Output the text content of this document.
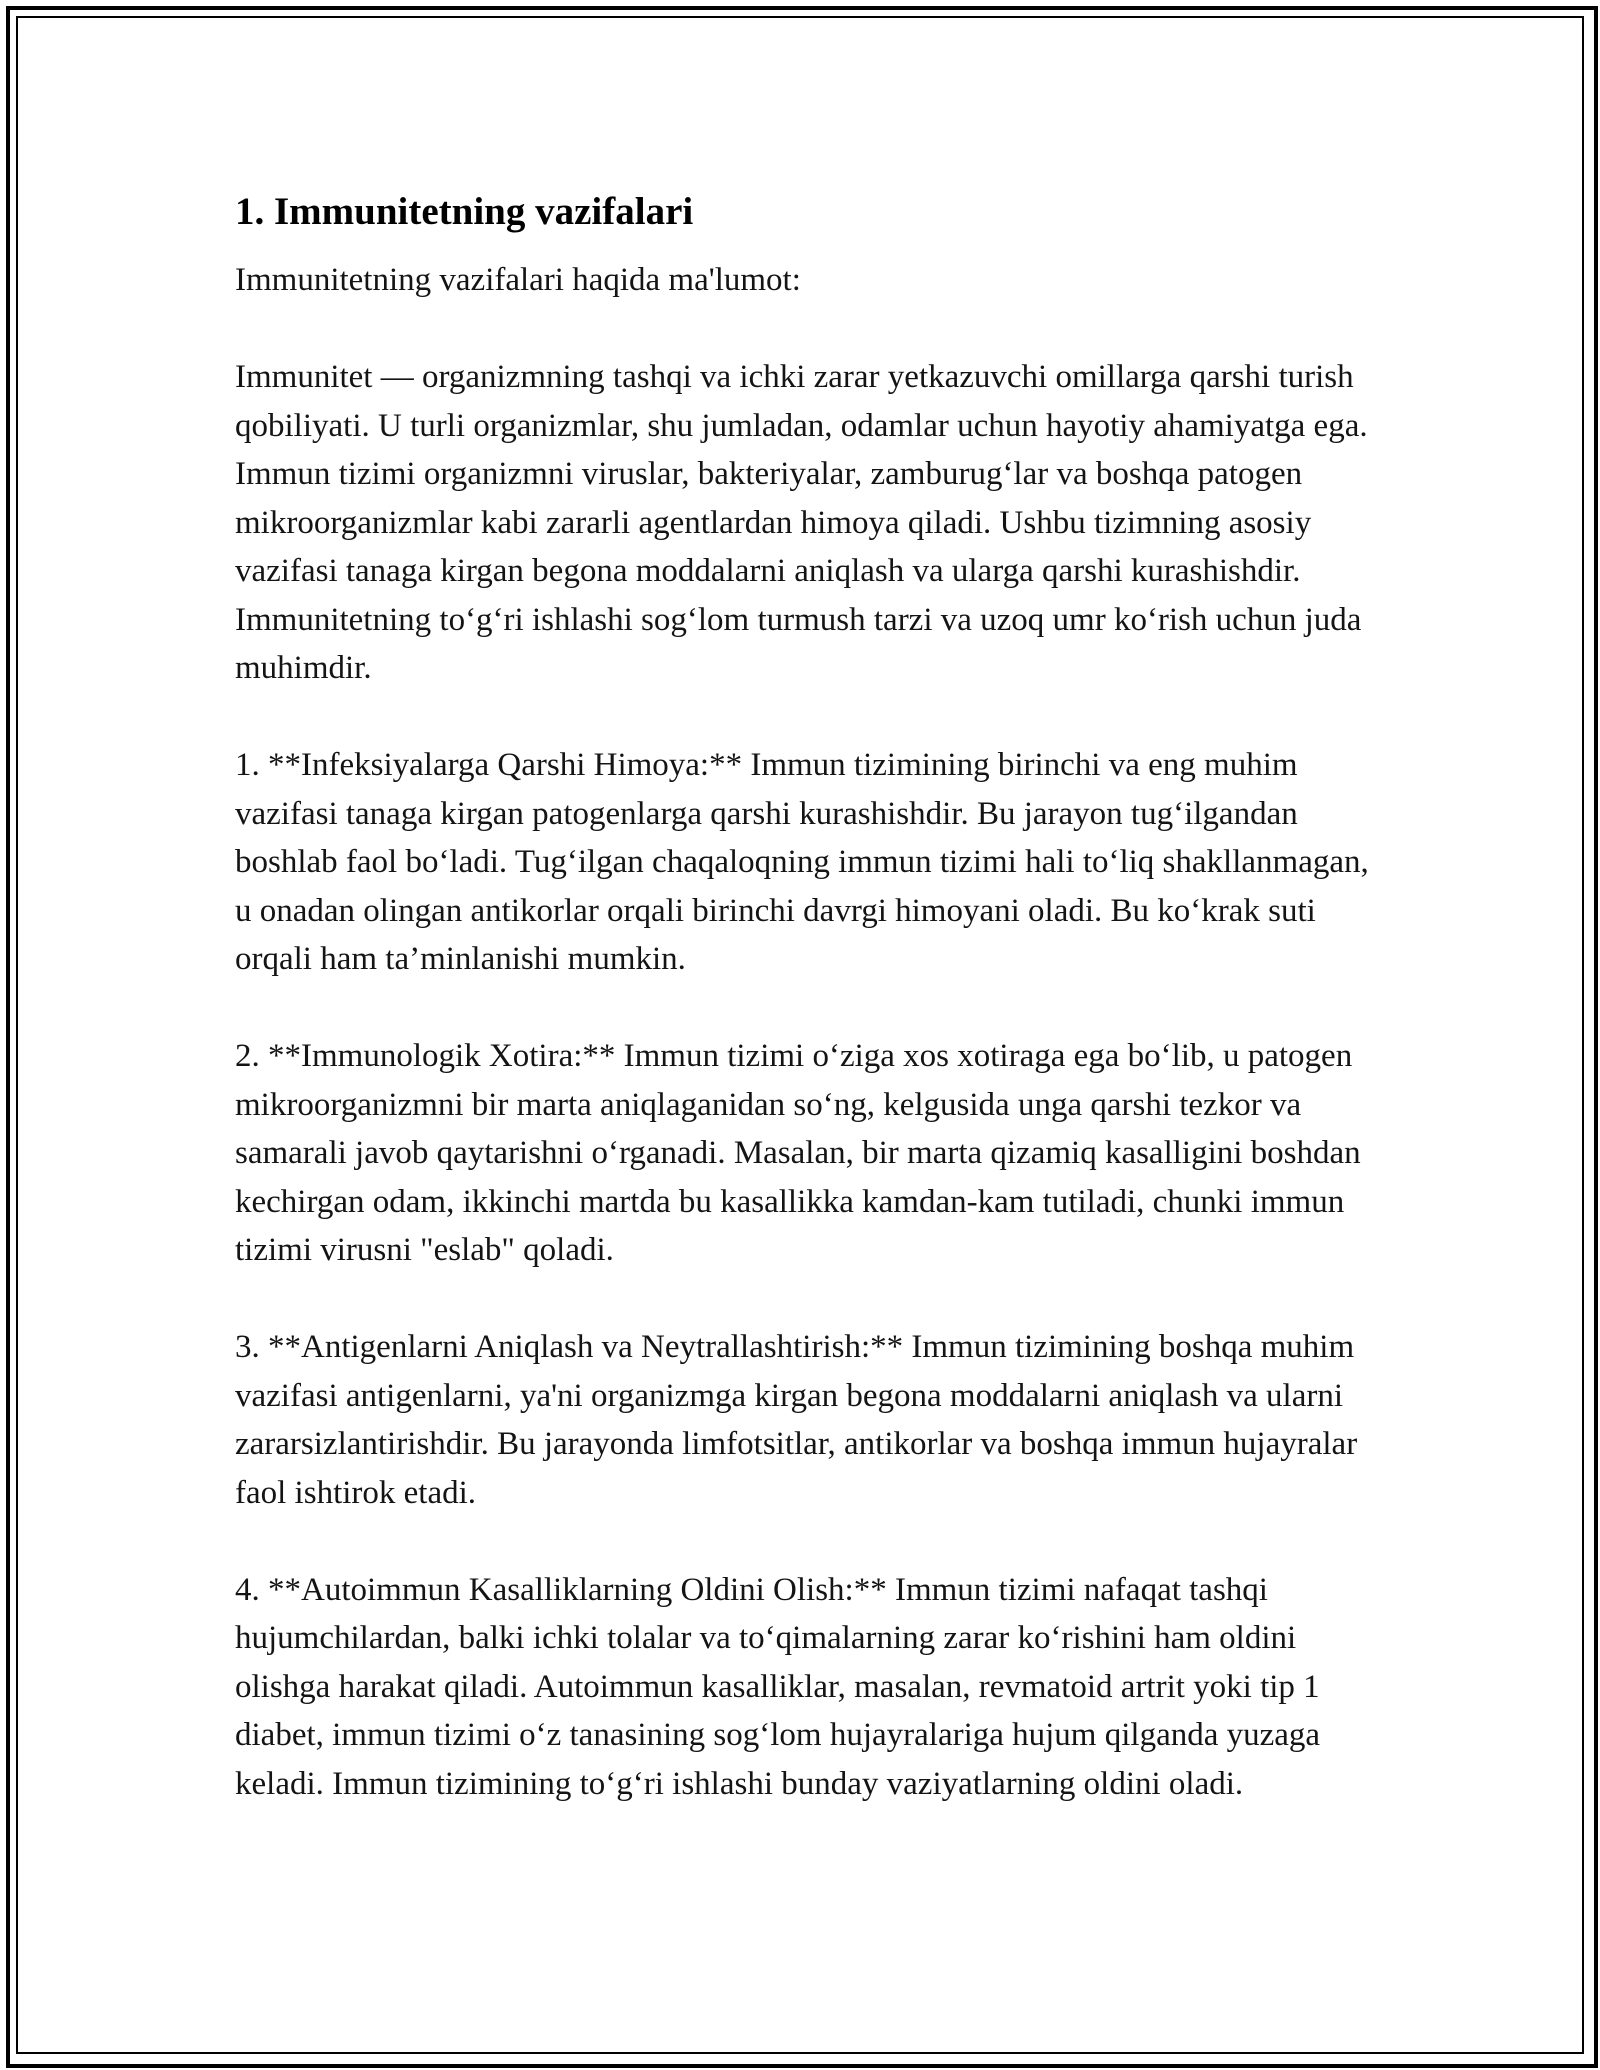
1. Immunitetning vazifalari

Immunitetning vazifalari haqida ma'lumot:

Immunitet — organizmning tashqi va ichki zarar yetkazuvchi omillarga qarshi turish qobiliyati. U turli organizmlar, shu jumladan, odamlar uchun hayotiy ahamiyatga ega. Immun tizimi organizmni viruslar, bakteriyalar, zamburug‘lar va boshqa patogen mikroorganizmlar kabi zararli agentlardan himoya qiladi. Ushbu tizimning asosiy vazifasi tanaga kirgan begona moddalarni aniqlash va ularga qarshi kurashishdir. Immunitetning to‘g‘ri ishlashi sog‘lom turmush tarzi va uzoq umr ko‘rish uchun juda muhimdir.

1. **Infeksiyalarga Qarshi Himoya:** Immun tizimining birinchi va eng muhim vazifasi tanaga kirgan patogenlarga qarshi kurashishdir. Bu jarayon tug‘ilgandan boshlab faol bo‘ladi. Tug‘ilgan chaqaloqning immun tizimi hali to‘liq shakllanmagan, u onadan olingan antikorlar orqali birinchi davrgi himoyani oladi. Bu ko‘krak suti orqali ham ta’minlanishi mumkin.

2. **Immunologik Xotira:** Immun tizimi o‘ziga xos xotiraga ega bo‘lib, u patogen mikroorganizmni bir marta aniqlaganidan so‘ng, kelgusida unga qarshi tezkor va samarali javob qaytarishni o‘rganadi. Masalan, bir marta qizamiq kasalligini boshdan kechirgan odam, ikkinchi martda bu kasallikka kamdan-kam tutiladi, chunki immun tizimi virusni "eslab" qoladi.

3. **Antigenlarni Aniqlash va Neytrallashtirish:** Immun tizimining boshqa muhim vazifasi antigenlarni, ya'ni organizmga kirgan begona moddalarni aniqlash va ularni zararsizlantirishdir. Bu jarayonda limfotsitlar, antikorlar va boshqa immun hujayralar faol ishtirok etadi.

4. **Autoimmun Kasalliklarning Oldini Olish:** Immun tizimi nafaqat tashqi hujumchilardan, balki ichki tolalar va to‘qimalarning zarar ko‘rishini ham oldini olishga harakat qiladi. Autoimmun kasalliklar, masalan, revmatoid artrit yoki tip 1 diabet, immun tizimi o‘z tanasining sog‘lom hujayralariga hujum qilganda yuzaga keladi. Immun tizimining to‘g‘ri ishlashi bunday vaziyatlarning oldini oladi.
